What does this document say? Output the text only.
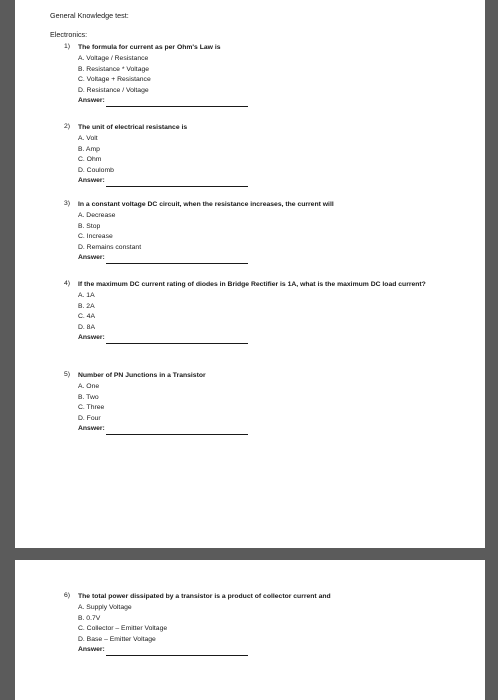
General Knowledge test:
Electronics:
1)	The formula for current as per Ohm's Law is
A. Voltage / Resistance
B. Resistance * Voltage
C. Voltage + Resistance
D. Resistance / Voltage
Answer:
2)	The unit of electrical resistance is
A. Volt
B. Amp
C. Ohm
D. Coulomb
Answer:
3)	In a constant voltage DC circuit, when the resistance increases, the current will
A. Decrease
B. Stop
C. Increase
D. Remains constant
Answer:
4)	If the maximum DC current rating of diodes in Bridge Rectifier is 1A, what is the maximum DC load current?
A. 1A
B. 2A
C. 4A
D. 8A
Answer:
5)	Number of PN Junctions in a Transistor
A. One
B. Two
C. Three
D. Four
Answer:
6)	The total power dissipated by a transistor is a product of collector current and
A. Supply Voltage
B. 0.7V
C. Collector – Emitter Voltage
D. Base – Emitter Voltage
Answer:
